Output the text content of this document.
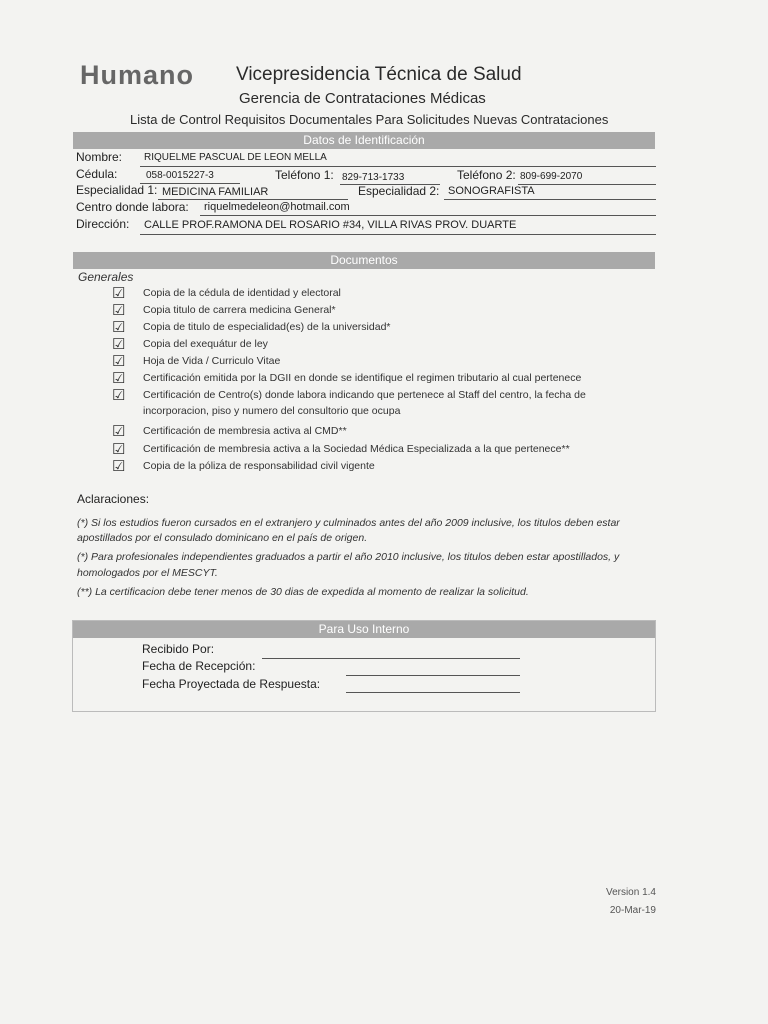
Humano Vicepresidencia Técnica de Salud
Gerencia de Contrataciones Médicas
Lista de Control Requisitos Documentales Para Solicitudes Nuevas Contrataciones
Datos de Identificación
Nombre: RIQUELME PASCUAL DE LEON MELLA
Cédula:	058-0015227-3	Teléfono 1: 829-713-1733	Teléfono 2: 809-699-2070
Especialidad 1: MEDICINA FAMILIAR	Especialidad 2: SONOGRAFISTA
Centro donde labora: riquelmedeleon@hotmail.com
Dirección: CALLE PROF.RAMONA DEL ROSARIO #34, VILLA RIVAS PROV. DUARTE
Documentos
Generales
☑ Copia de la cédula de identidad y electoral
☑ Copia titulo de carrera medicina General*
☑ Copia de titulo de especialidad(es) de la universidad*
☑ Copia del exequátur de ley
☑ Hoja de Vida / Curriculo Vitae
☑ Certificación emitida por la DGII en donde se identifique el regimen tributario al cual pertenece
☑ Certificación de Centro(s) donde labora indicando que pertenece al Staff del centro, la fecha de
incorporacion, piso y numero del consultorio que ocupa
☑ Certificación de membresia activa al CMD**
☑ Certificación de membresia activa a la Sociedad Médica Especializada a la que pertenece**
☑ Copia de la póliza de responsabilidad civil vigente
Aclaraciones:
(*) Si los estudios fueron cursados en el extranjero y culminados antes del año 2009 inclusive, los titulos deben estar
apostillados por el consulado dominicano en el país de origen.
(*) Para profesionales independientes graduados a partir el año 2010 inclusive, los titulos deben estar apostillados, y
homologados por el MESCYT.
(**) La certificacion debe tener menos de 30 dias de expedida al momento de realizar la solicitud.
Para Uso Interno
Recibido Por:
Fecha de Recepción:
Fecha Proyectada de Respuesta:
Version 1.4
20-Mar-19
